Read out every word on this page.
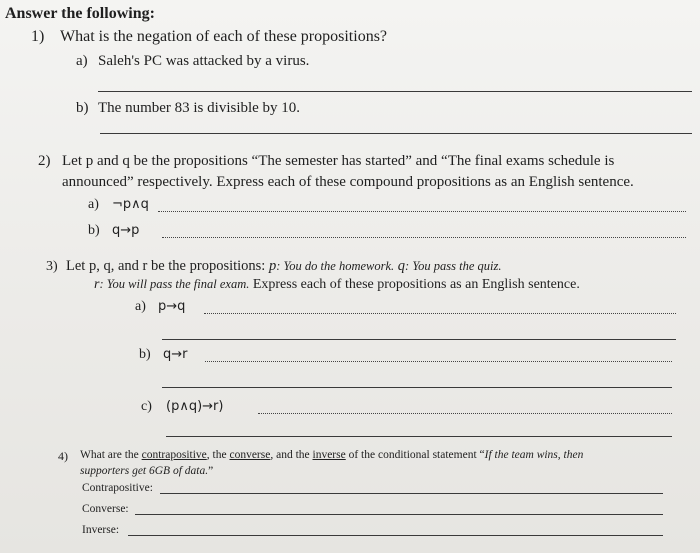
Answer the following:
1) What is the negation of each of these propositions?
a) Saleh's PC was attacked by a virus.
b) The number 83 is divisible by 10.
2) Let p and q be the propositions “The semester has started” and “The final exams schedule is
announced” respectively. Express each of these compound propositions as an English sentence.
a) ¬p∧q
b) q→p
3) Let p, q, and r be the propositions: p: You do the homework. q: You pass the quiz.
r: You will pass the final exam. Express each of these propositions as an English sentence.
a) p→q
b) q→r
c) (p∧q)→r)
4) What are the contrapositive, the converse, and the inverse of the conditional statement “If the team wins, then
supporters get 6GB of data.”
Contrapositive:
Converse:
Inverse:
